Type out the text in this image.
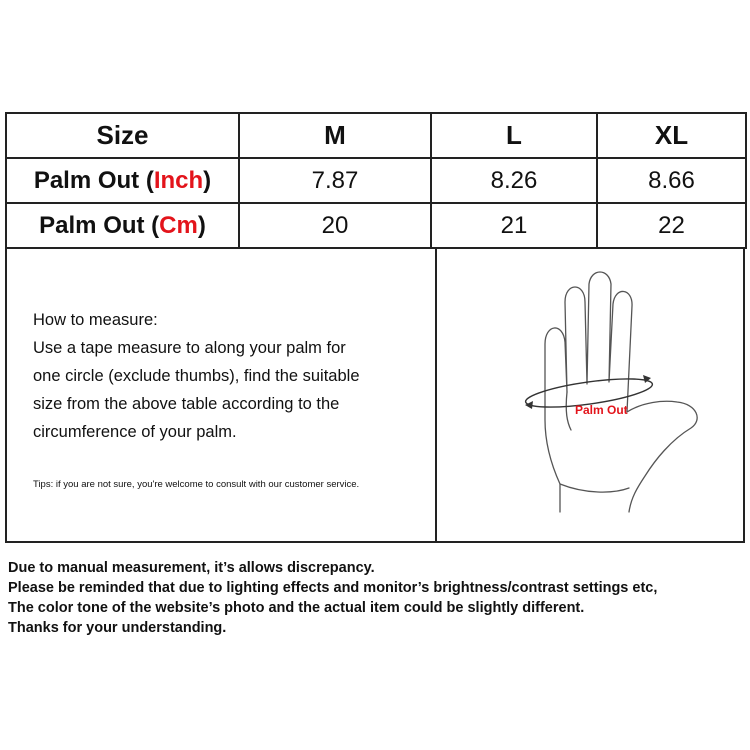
Size	M	L	XL
Palm Out (Inch)	7.87	8.26	8.66
Palm Out (Cm)	20	21	22
How to measure:
Use a tape measure to along your palm for
one circle (exclude thumbs), find the suitable
size from the above table according to the
circumference of your palm.
Tips: if you are not sure, you're welcome to consult with our customer service.
Palm Out
Due to manual measurement, it’s allows discrepancy.
Please be reminded that due to lighting effects and monitor’s brightness/contrast settings etc,
The color tone of the website’s photo and the actual item could be slightly different.
Thanks for your understanding.
